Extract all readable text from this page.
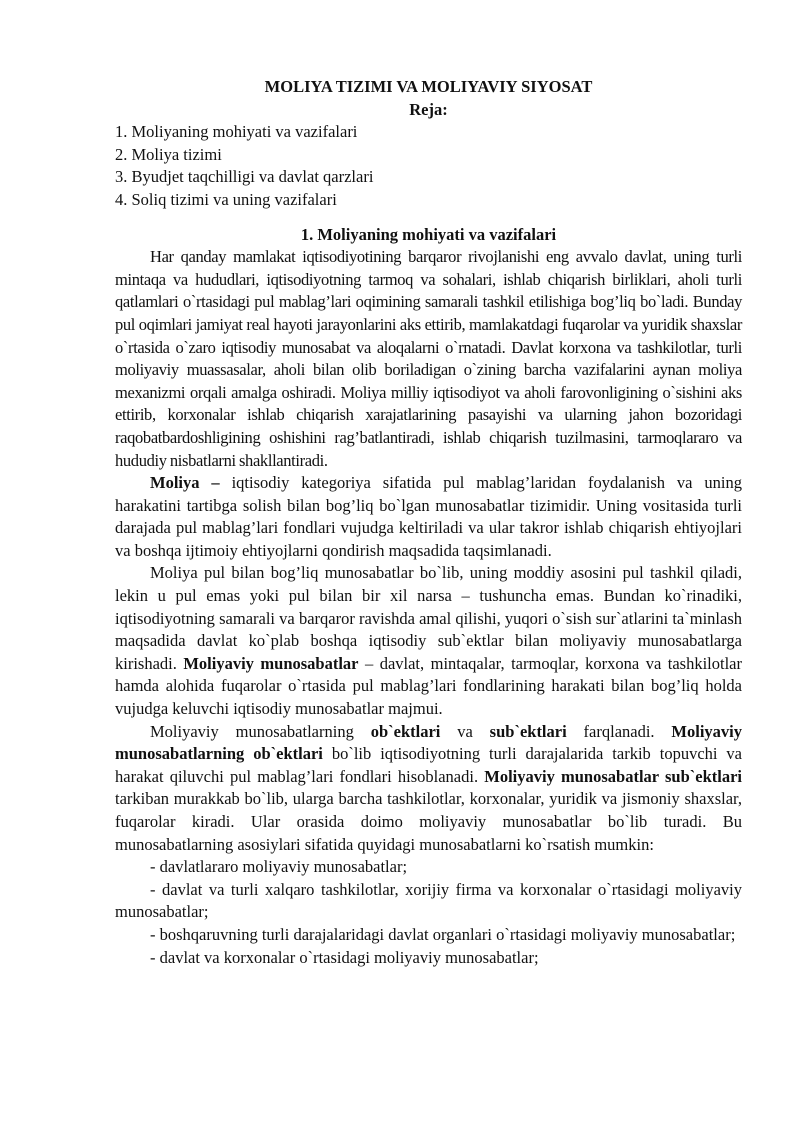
MOLIYA TIZIMI VA MOLIYAVIY SIYOSAT
Reja:
1. Moliyaning mohiyati va vazifalari
2. Moliya tizimi
3. Byudjet taqchilligi va davlat qarzlari
4. Soliq tizimi va uning vazifalari
1. Moliyaning mohiyati va vazifalari

Har qanday mamlakat iqtisodiyotining barqaror rivojlanishi eng avvalo davlat, uning turli mintaqa va hududlari, iqtisodiyotning tarmoq va sohalari, ishlab chiqarish birliklari, aholi turli qatlamlari o`rtasidagi pul mablag’lari oqimining samarali tashkil etilishiga bog’liq bo`ladi. Bunday pul oqimlari jamiyat real hayoti jarayonlarini aks ettirib, mamlakatdagi fuqarolar va yuridik shaxslar o`rtasida o`zaro iqtisodiy munosabat va aloqalarni o`rnatadi. Davlat korxona va tashkilotlar, turli moliyaviy muassasalar, aholi bilan olib boriladigan o`zining barcha vazifalarini aynan moliya mexanizmi orqali amalga oshiradi. Moliya milliy iqtisodiyot va aholi farovonligining o`sishini aks ettirib, korxonalar ishlab chiqarish xarajatlarining pasayishi va ularning jahon bozoridagi raqobatbardoshligining oshishini rag’batlantiradi, ishlab chiqarish tuzilmasini, tarmoqlararo va hududiy nisbatlarni shakllantiradi.

Moliya – iqtisodiy kategoriya sifatida pul mablag’laridan foydalanish va uning harakatini tartibga solish bilan bog’liq bo`lgan munosabatlar tizimidir. Uning vositasida turli darajada pul mablag’lari fondlari vujudga keltiriladi va ular takror ishlab chiqarish ehtiyojlari va boshqa ijtimoiy ehtiyojlarni qondirish maqsadida taqsimlanadi.

Moliya pul bilan bog’liq munosabatlar bo`lib, uning moddiy asosini pul tashkil qiladi, lekin u pul emas yoki pul bilan bir xil narsa – tushuncha emas. Bundan ko`rinadiki, iqtisodiyotning samarali va barqaror ravishda amal qilishi, yuqori o`sish sur`atlarini ta`minlash maqsadida davlat ko`plab boshqa iqtisodiy sub`ektlar bilan moliyaviy munosabatlarga kirishadi. Moliyaviy munosabatlar – davlat, mintaqalar, tarmoqlar, korxona va tashkilotlar hamda alohida fuqarolar o`rtasida pul mablag’lari fondlarining harakati bilan bog’liq holda vujudga keluvchi iqtisodiy munosabatlar majmui.

Moliyaviy munosabatlarning ob`ektlari va sub`ektlari farqlanadi. Moliyaviy munosabatlarning ob`ektlari bo`lib iqtisodiyotning turli darajalarida tarkib topuvchi va harakat qiluvchi pul mablag’lari fondlari hisoblanadi. Moliyaviy munosabatlar sub`ektlari tarkiban murakkab bo`lib, ularga barcha tashkilotlar, korxonalar, yuridik va jismoniy shaxslar, fuqarolar kiradi. Ular orasida doimo moliyaviy munosabatlar bo`lib turadi. Bu munosabatlarning asosiylari sifatida quyidagi munosabatlarni ko`rsatish mumkin:

- davlatlararo moliyaviy munosabatlar;

- davlat va turli xalqaro tashkilotlar, xorijiy firma va korxonalar o`rtasidagi moliyaviy munosabatlar;

- boshqaruvning turli darajalaridagi davlat organlari o`rtasidagi moliyaviy munosabatlar;

- davlat va korxonalar o`rtasidagi moliyaviy munosabatlar;
